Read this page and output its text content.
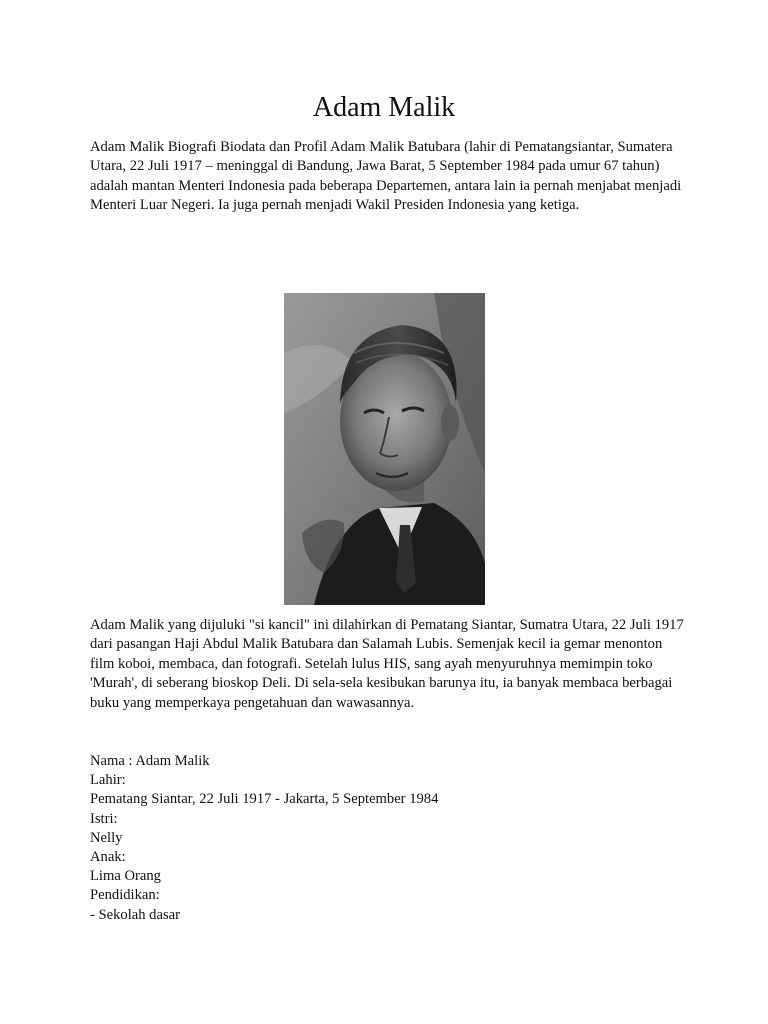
Adam Malik
Adam Malik Biografi Biodata dan Profil Adam Malik Batubara (lahir di Pematangsiantar, Sumatera Utara, 22 Juli 1917 – meninggal di Bandung, Jawa Barat, 5 September 1984 pada umur 67 tahun) adalah mantan Menteri Indonesia pada beberapa Departemen, antara lain ia pernah menjabat menjadi Menteri Luar Negeri. Ia juga pernah menjadi Wakil Presiden Indonesia yang ketiga.
Adam Malik yang dijuluki "si kancil" ini dilahirkan di Pematang Siantar, Sumatra Utara, 22 Juli 1917 dari pasangan Haji Abdul Malik Batubara dan Salamah Lubis. Semenjak kecil ia gemar menonton film koboi, membaca, dan fotografi. Setelah lulus HIS, sang ayah menyuruhnya memimpin toko 'Murah', di seberang bioskop Deli. Di sela-sela kesibukan barunya itu, ia banyak membaca berbagai buku yang memperkaya pengetahuan dan wawasannya.
Nama : Adam Malik
Lahir:
Pematang Siantar, 22 Juli 1917 - Jakarta, 5 September 1984
Istri:
Nelly
Anak:
Lima Orang
Pendidikan:
- Sekolah dasar
